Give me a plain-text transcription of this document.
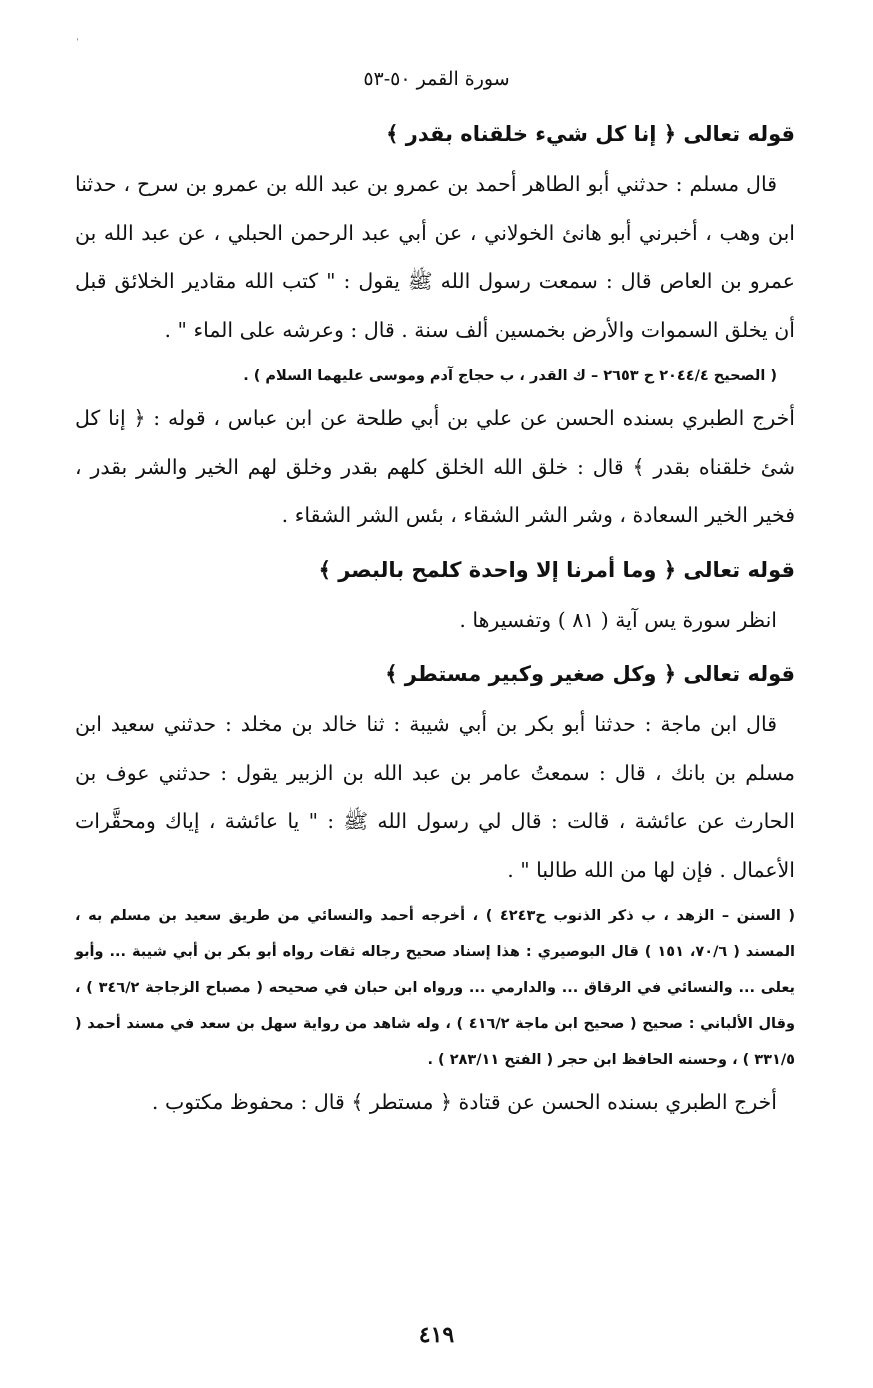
ˈ
سورة القمر ٥٠-٥٣

قوله تعالى ﴿ إنا كل شيء خلقناه بقدر ﴾

قال مسلم : حدثني أبو الطاهر أحمد بن عمرو بن عبد الله بن عمرو بن سرح ، حدثنا ابن وهب ، أخبرني أبو هانئ الخولاني ، عن أبي عبد الرحمن الحبلي ، عن عبد الله بن عمرو بن العاص قال : سمعت رسول الله ﷺ يقول : " كتب الله مقادير الخلائق قبل أن يخلق السموات والأرض بخمسين ألف سنة . قال : وعرشه على الماء " .

( الصحيح ٢٠٤٤/٤ ح ٢٦٥٣ – ك القدر ، ب حجاج آدم وموسى عليهما السلام ) .

أخرج الطبري بسنده الحسن عن علي بن أبي طلحة عن ابن عباس ، قوله : ﴿ إنا كل شئ خلقناه بقدر ﴾ قال : خلق الله الخلق كلهم بقدر وخلق لهم الخير والشر بقدر ، فخير الخير السعادة ، وشر الشر الشقاء ، بئس الشر الشقاء .

قوله تعالى ﴿ وما أمرنا إلا واحدة كلمح بالبصر ﴾

انظر سورة يس آية ( ٨١ ) وتفسيرها .

قوله تعالى ﴿ وكل صغير وكبير مستطر ﴾

قال ابن ماجة : حدثنا أبو بكر بن أبي شيبة : ثنا خالد بن مخلد : حدثني سعيد ابن مسلم بن بانك ، قال : سمعتُ عامر بن عبد الله بن الزبير يقول : حدثني عوف بن الحارث عن عائشة ، قالت : قال لي رسول الله ﷺ : " يا عائشة ، إياك ومحقَّرات الأعمال . فإن لها من الله طالبا " .

( السنن – الزهد ، ب ذكر الذنوب ح٤٢٤٣ ) ، أخرجه أحمد والنسائي من طريق سعيد بن مسلم به ، المسند ( ٧٠/٦، ١٥١ ) قال البوصيري : هذا إسناد صحيح رجاله ثقات رواه أبو بكر بن أبي شيبة ... وأبو يعلى ... والنسائي في الرقاق ... والدارمي ... ورواه ابن حبان في صحيحه ( مصباح الزجاجة ٣٤٦/٢ ) ، وقال الألباني : صحيح ( صحيح ابن ماجة ٤١٦/٢ ) ، وله شاهد من رواية سهل بن سعد في مسند أحمد ( ٣٣١/٥ ) ، وحسنه الحافظ ابن حجر ( الفتح ٢٨٣/١١ ) .

أخرج الطبري بسنده الحسن عن قتادة ﴿ مستطر ﴾ قال : محفوظ مكتوب .

٤١٩
